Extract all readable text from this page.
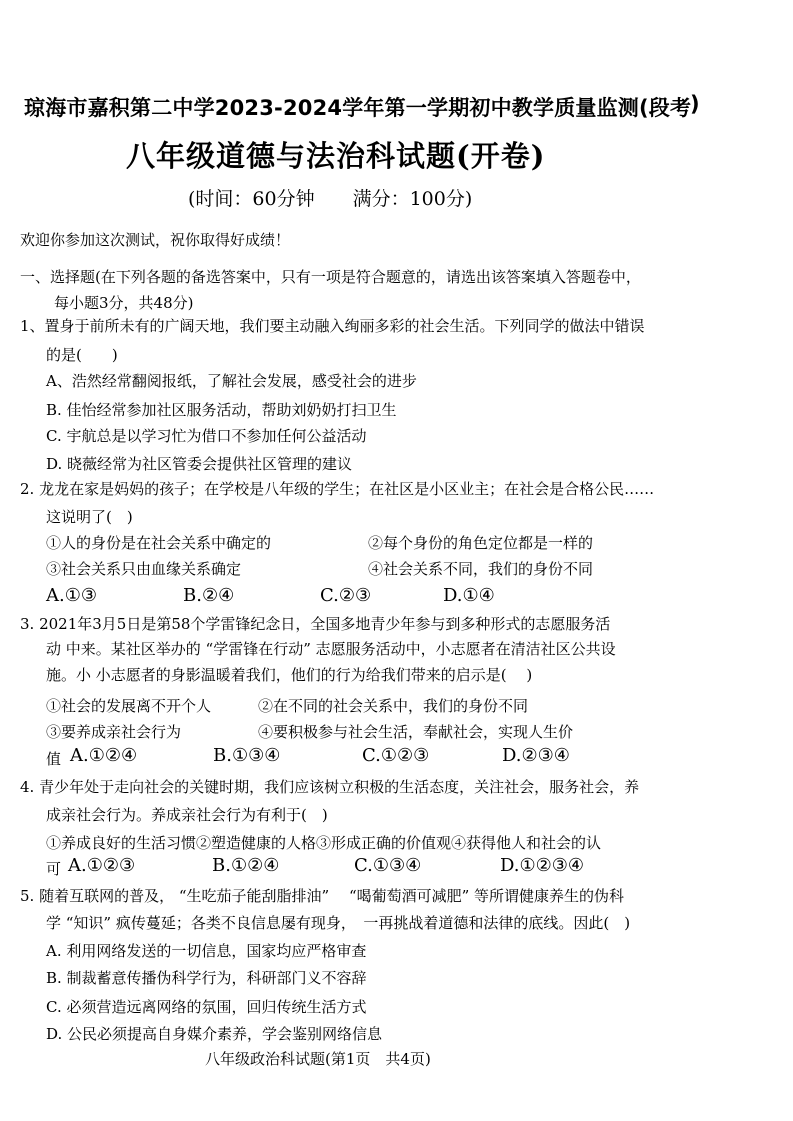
琼海市嘉积第二中学2023-2024学年第一学期初中教学质量监测(段考
)
八年级道德与法治科试题(开卷)
(时间：60分钟　　满分：100分)
欢迎你参加这次测试，祝你取得好成绩！
一、选择题(在下列各题的备选答案中，只有一项是符合题意的，请选出该答案填入答题卷中，
每小题3分，共48分)
1、置身于前所未有的广阔天地，我们要主动融入绚丽多彩的社会生活。下列同学的做法中错误
的是(　　)
A、浩然经常翻阅报纸，了解社会发展，感受社会的进步
B. 佳怡经常参加社区服务活动，帮助刘奶奶打扫卫生
C. 宇航总是以学习忙为借口不参加任何公益活动
D. 晓薇经常为社区管委会提供社区管理的建议
2. 龙龙在家是妈妈的孩子；在学校是八年级的学生；在社区是小区业主；在社会是合格公民……
这说明了(　)
①人的身份是在社会关系中确定的	②每个身份的角色定位都是一样的
③社会关系只由血缘关系确定	④社会关系不同，我们的身份不同
A.①③	B.②④	C.②③	D.①④
3. 2021年3月5日是第58个学雷锋纪念日，全国多地青少年参与到多种形式的志愿服务活
动 中来。某社区举办的 “学雷锋在行动” 志愿服务活动中，小志愿者在清洁社区公共设
施。小 小志愿者的身影温暖着我们，他们的行为给我们带来的启示是(　 )
①社会的发展离不开个人	②在不同的社会关系中，我们的身份不同
③要养成亲社会行为	④要积极参与社会生活，奉献社会，实现人生价
值 A.①②④	B.①③④	C.①②③	D.②③④
4. 青少年处于走向社会的关键时期，我们应该树立积极的生活态度，关注社会，服务社会，养
成亲社会行为。养成亲社会行为有利于(　)
①养成良好的生活习惯②塑造健康的人格③形成正确的价值观④获得他人和社会的认
可 A.①②③	B.①②④	C.①③④	D.①②③④
5. 随着互联网的普及， “生吃茄子能刮脂排油”　 “喝葡萄酒可减肥” 等所谓健康养生的伪科
学 “知识” 疯传蔓延；各类不良信息屡有现身，　一再挑战着道德和法律的底线。因此(　)
A. 利用网络发送的一切信息，国家均应严格审查
B. 制裁蓄意传播伪科学行为，科研部门义不容辞
C. 必须营造远离网络的氛围，回归传统生活方式
D. 公民必须提高自身媒介素养，学会鉴别网络信息
八年级政治科试题(第1页　共4页)
